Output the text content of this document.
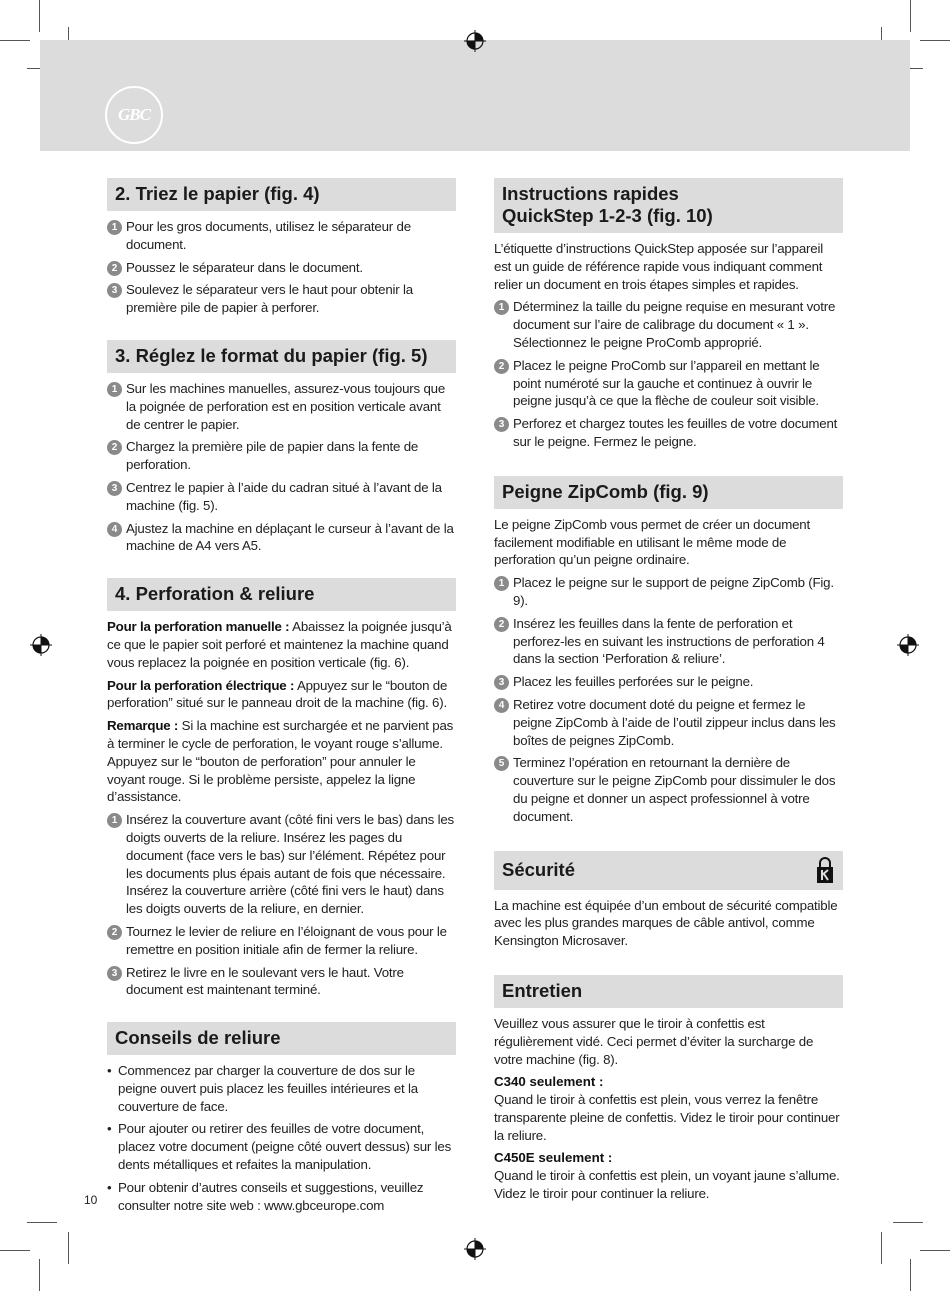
GBC
2. Triez le papier (fig. 4)
1 Pour les gros documents, utilisez le séparateur de document.
2 Poussez le séparateur dans le document.
3 Soulevez le séparateur vers le haut pour obtenir la première pile de papier à perforer.
3. Réglez le format du papier (fig. 5)
1 Sur les machines manuelles, assurez-vous toujours que la poignée de perforation est en position verticale avant de centrer le papier.
2 Chargez la première pile de papier dans la fente de perforation.
3 Centrez le papier à l’aide du cadran situé à l’avant de la machine (fig. 5).
4 Ajustez la machine en déplaçant le curseur à l’avant de la machine de A4 vers A5.
4. Perforation & reliure

Pour la perforation manuelle : Abaissez la poignée jusqu’à ce que le papier soit perforé et maintenez la machine quand vous replacez la poignée en position verticale (fig. 6).

Pour la perforation électrique : Appuyez sur le “bouton de perforation” situé sur le panneau droit de la machine (fig. 6).

Remarque : Si la machine est surchargée et ne parvient pas à terminer le cycle de perforation, le voyant rouge s’allume. Appuyez sur le “bouton de perforation” pour annuler le voyant rouge. Si le problème persiste, appelez la ligne d’assistance.

1 Insérez la couverture avant (côté fini vers le bas) dans les doigts ouverts de la reliure. Insérez les pages du document (face vers le bas) sur l’élément. Répétez pour les documents plus épais autant de fois que nécessaire. Insérez la couverture arrière (côté fini vers le haut) dans les doigts ouverts de la reliure, en dernier.
2 Tournez le levier de reliure en l’éloignant de vous pour le remettre en position initiale afin de fermer la reliure.
3 Retirez le livre en le soulevant vers le haut. Votre document est maintenant terminé.
Conseils de reliure
• Commencez par charger la couverture de dos sur le peigne ouvert puis placez les feuilles intérieures et la couverture de face.
• Pour ajouter ou retirer des feuilles de votre document, placez votre document (peigne côté ouvert dessus) sur les dents métalliques et refaites la manipulation.
• Pour obtenir d’autres conseils et suggestions, veuillez consulter notre site web : www.gbceurope.com
Instructions rapides
QuickStep 1-2-3 (fig. 10)

L’étiquette d’instructions QuickStep apposée sur l’appareil est un guide de référence rapide vous indiquant comment relier un document en trois étapes simples et rapides.

1 Déterminez la taille du peigne requise en mesurant votre document sur l’aire de calibrage du document « 1 ». Sélectionnez le peigne ProComb approprié.
2 Placez le peigne ProComb sur l’appareil en mettant le point numéroté sur la gauche et continuez à ouvrir le peigne jusqu’à ce que la flèche de couleur soit visible.
3 Perforez et chargez toutes les feuilles de votre document sur le peigne. Fermez le peigne.
Peigne ZipComb (fig. 9)

Le peigne ZipComb vous permet de créer un document facilement modifiable en utilisant le même mode de perforation qu’un peigne ordinaire.

1 Placez le peigne sur le support de peigne ZipComb (Fig. 9).
2 Insérez les feuilles dans la fente de perforation et perforez-les en suivant les instructions de perforation 4 dans la section ‘Perforation & reliure’.
3 Placez les feuilles perforées sur le peigne.
4 Retirez votre document doté du peigne et fermez le peigne ZipComb à l’aide de l’outil zippeur inclus dans les boîtes de peignes ZipComb.
5 Terminez l’opération en retournant la dernière de couverture sur le peigne ZipComb pour dissimuler le dos du peigne et donner un aspect professionnel à votre document.
Sécurité

La machine est équipée d’un embout de sécurité compatible avec les plus grandes marques de câble antivol, comme Kensington Microsaver.

Entretien

Veuillez vous assurer que le tiroir à confettis est régulièrement vidé. Ceci permet d’éviter la surcharge de votre machine (fig. 8).

C340 seulement :

Quand le tiroir à confettis est plein, vous verrez la fenêtre transparente pleine de confettis. Videz le tiroir pour continuer la reliure.

C450E seulement :

Quand le tiroir à confettis est plein, un voyant jaune s’allume. Videz le tiroir pour continuer la reliure.

10
